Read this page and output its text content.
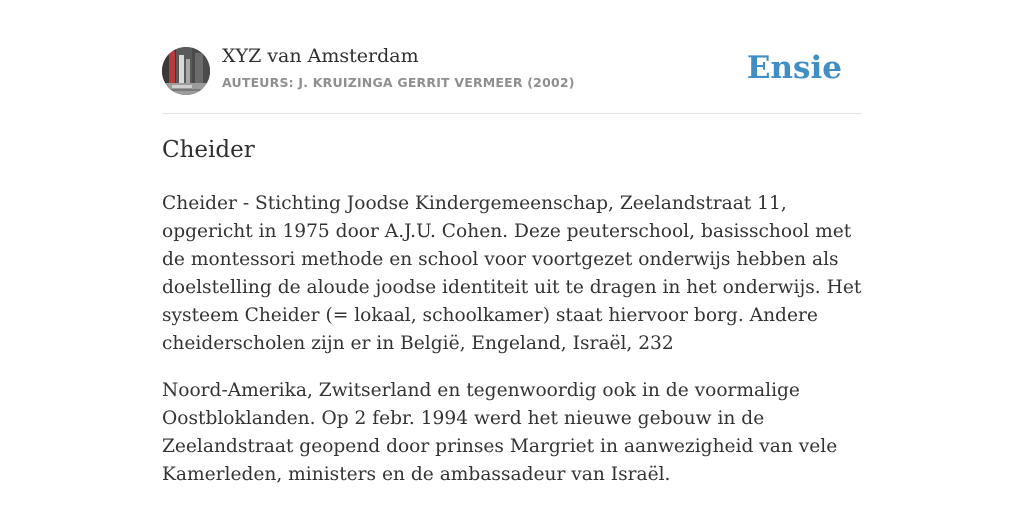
XYZ van Amsterdam
AUTEURS: J. KRUIZINGA GERRIT VERMEER (2002)	Ensie
Cheider

Cheider - Stichting Joodse Kindergemeenschap, Zeelandstraat 11, opgericht in 1975 door A.J.U. Cohen. Deze peuterschool, basisschool met de montessori methode en school voor voortgezet onderwijs hebben als doelstelling de aloude joodse identiteit uit te dragen in het onderwijs. Het systeem Cheider (= lokaal, schoolkamer) staat hiervoor borg. Andere cheiderscholen zijn er in België, Engeland, Israël, 232

Noord-Amerika, Zwitserland en tegenwoordig ook in de voormalige Oostbloklanden. Op 2 febr. 1994 werd het nieuwe gebouw in de Zeelandstraat geopend door prinses Margriet in aanwezigheid van vele Kamerleden, ministers en de ambassadeur van Israël.
